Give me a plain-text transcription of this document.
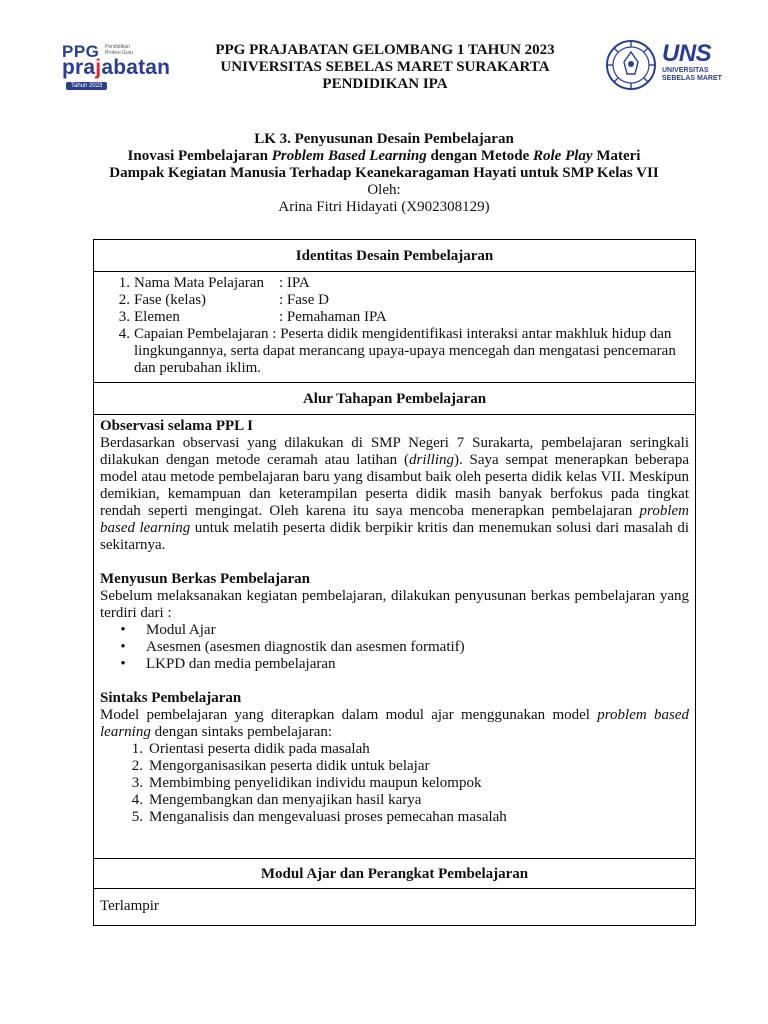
PPG Pendidikan Profesi Guru
prajabatan
Tahun 2023
PPG PRAJABATAN GELOMBANG 1 TAHUN 2023
UNIVERSITAS SEBELAS MARET SURAKARTA
PENDIDIKAN IPA
UNS
UNIVERSITAS
SEBELAS MARET
LK 3. Penyusunan Desain Pembelajaran
Inovasi Pembelajaran Problem Based Learning dengan Metode Role Play Materi
Dampak Kegiatan Manusia Terhadap Keanekaragaman Hayati untuk SMP Kelas VII
Oleh:
Arina Fitri Hidayati (X902308129)
Identitas Desain Pembelajaran
1. Nama Mata Pelajaran	: IPA
2. Fase (kelas)	: Fase D
3. Elemen	: Pemahaman IPA
4. Capaian Pembelajaran : Peserta didik mengidentifikasi interaksi antar makhluk hidup dan
lingkungannya, serta dapat merancang upaya-upaya mencegah dan mengatasi pencemaran
dan perubahan iklim.
Alur Tahapan Pembelajaran
Observasi selama PPL I
Berdasarkan observasi yang dilakukan di SMP Negeri 7 Surakarta, pembelajaran seringkali dilakukan dengan metode ceramah atau latihan (drilling). Saya sempat menerapkan beberapa model atau metode pembelajaran baru yang disambut baik oleh peserta didik kelas VII. Meskipun demikian, kemampuan dan keterampilan peserta didik masih banyak berfokus pada tingkat rendah seperti mengingat. Oleh karena itu saya mencoba menerapkan pembelajaran problem based learning untuk melatih peserta didik berpikir kritis dan menemukan solusi dari masalah di sekitarnya.
Menyusun Berkas Pembelajaran
Sebelum melaksanakan kegiatan pembelajaran, dilakukan penyusunan berkas pembelajaran yang terdiri dari :
•	Modul Ajar
•	Asesmen (asesmen diagnostik dan asesmen formatif)
•	LKPD dan media pembelajaran
Sintaks Pembelajaran
Model pembelajaran yang diterapkan dalam modul ajar menggunakan model problem based learning dengan sintaks pembelajaran:
1. Orientasi peserta didik pada masalah
2. Mengorganisasikan peserta didik untuk belajar
3. Membimbing penyelidikan individu maupun kelompok
4. Mengembangkan dan menyajikan hasil karya
5. Menganalisis dan mengevaluasi proses pemecahan masalah
Modul Ajar dan Perangkat Pembelajaran
Terlampir
